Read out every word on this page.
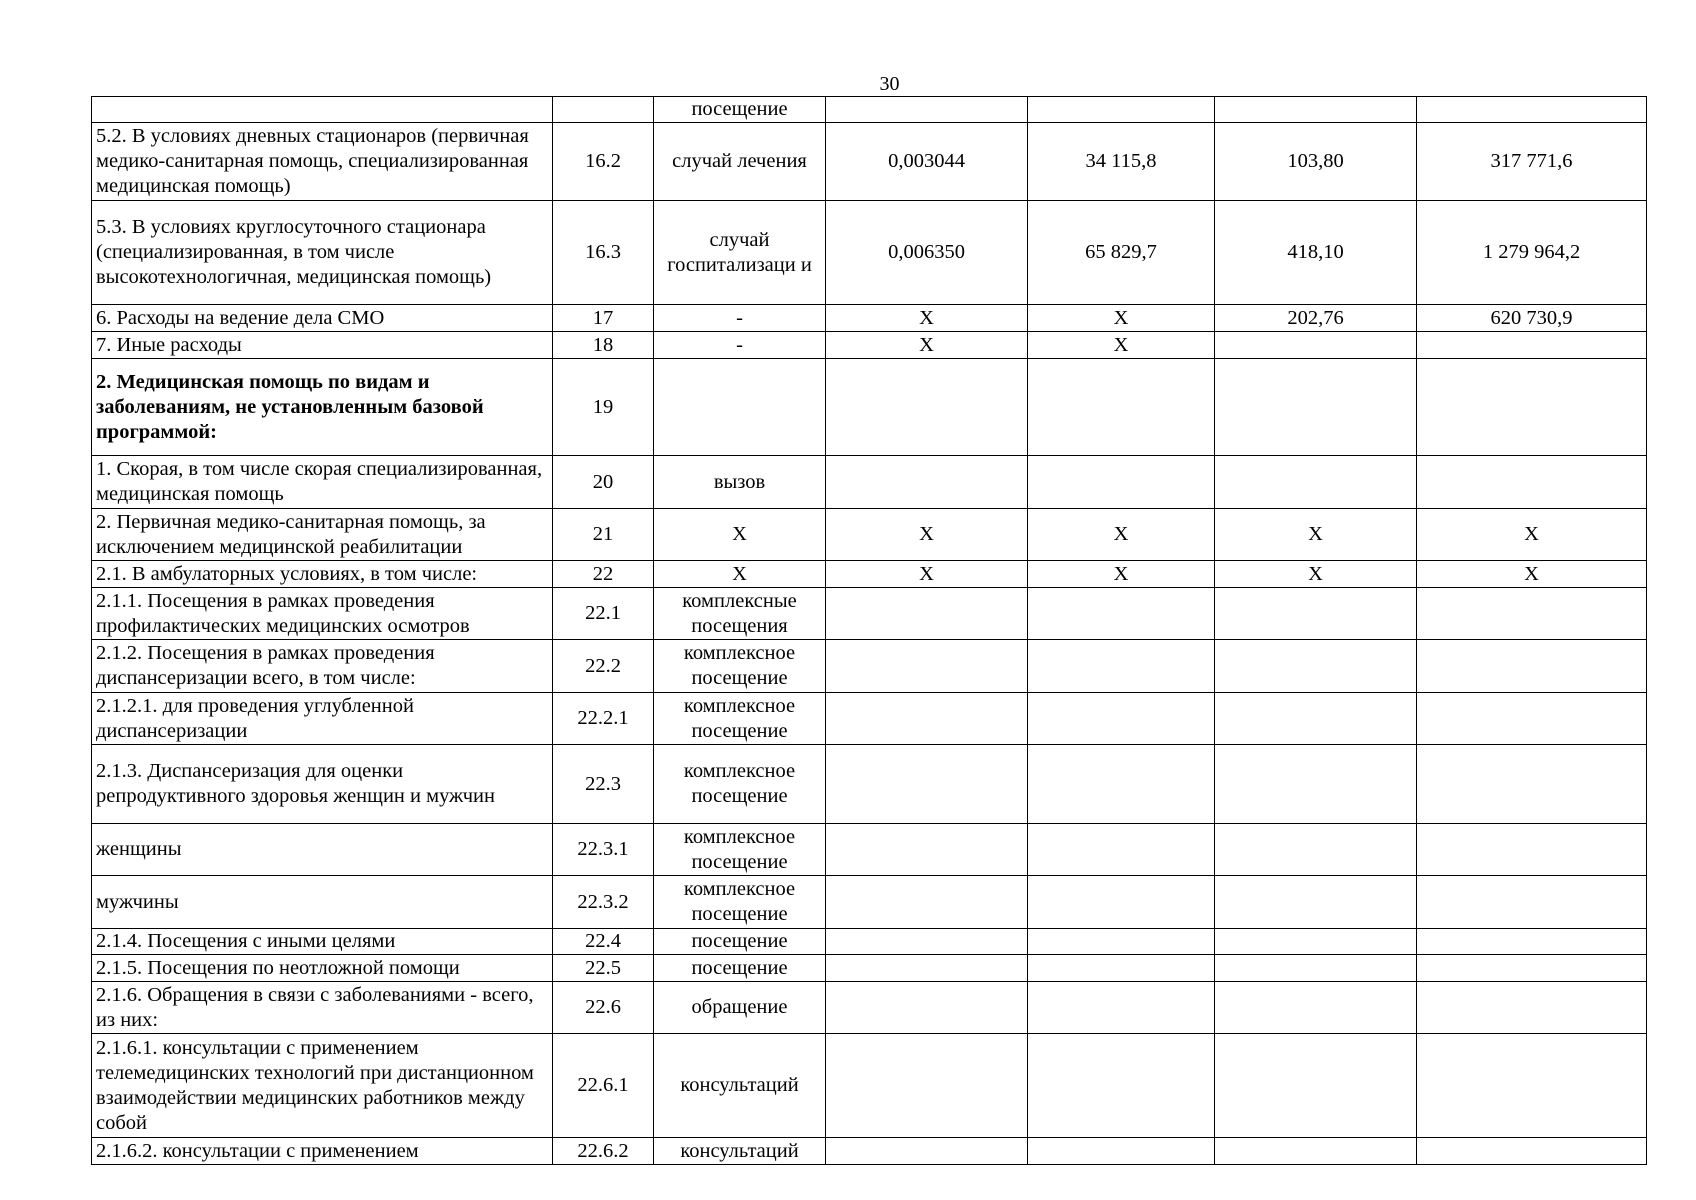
30
		посещение				
5.2. В условиях дневных стационаров (первичная медико-санитарная помощь, специализированная медицинская помощь)	16.2	случай лечения	0,003044	34 115,8	103,80	317 771,6
5.3. В условиях круглосуточного стационара (специализированная, в том числе высокотехнологичная, медицинская помощь)	16.3	случай госпитализаци и	0,006350	65 829,7	418,10	1 279 964,2
6. Расходы на ведение дела СМО	17	-	X	X	202,76	620 730,9
7. Иные расходы	18	-	X	X		
2. Медицинская помощь по видам и заболеваниям, не установленным базовой программой:	19					
1. Скорая, в том числе скорая специализированная, медицинская помощь	20	вызов				
2. Первичная медико-санитарная помощь, за исключением медицинской реабилитации	21	X	X	X	X	X
2.1. В амбулаторных условиях, в том числе:	22	X	X	X	X	X
2.1.1. Посещения в рамках проведения профилактических медицинских осмотров	22.1	комплексные посещения				
2.1.2. Посещения в рамках проведения диспансеризации всего, в том числе:	22.2	комплексное посещение				
2.1.2.1. для проведения углубленной диспансеризации	22.2.1	комплексное посещение				
2.1.3. Диспансеризация для оценки репродуктивного здоровья женщин и мужчин	22.3	комплексное посещение				
женщины	22.3.1	комплексное посещение				
мужчины	22.3.2	комплексное посещение				
2.1.4. Посещения с иными целями	22.4	посещение				
2.1.5. Посещения по неотложной помощи	22.5	посещение				
2.1.6. Обращения в связи с заболеваниями - всего, из них:	22.6	обращение				
2.1.6.1. консультации с применением телемедицинских технологий при дистанционном взаимодействии медицинских работников между собой	22.6.1	консультаций				
2.1.6.2. консультации с применением	22.6.2	консультаций				
